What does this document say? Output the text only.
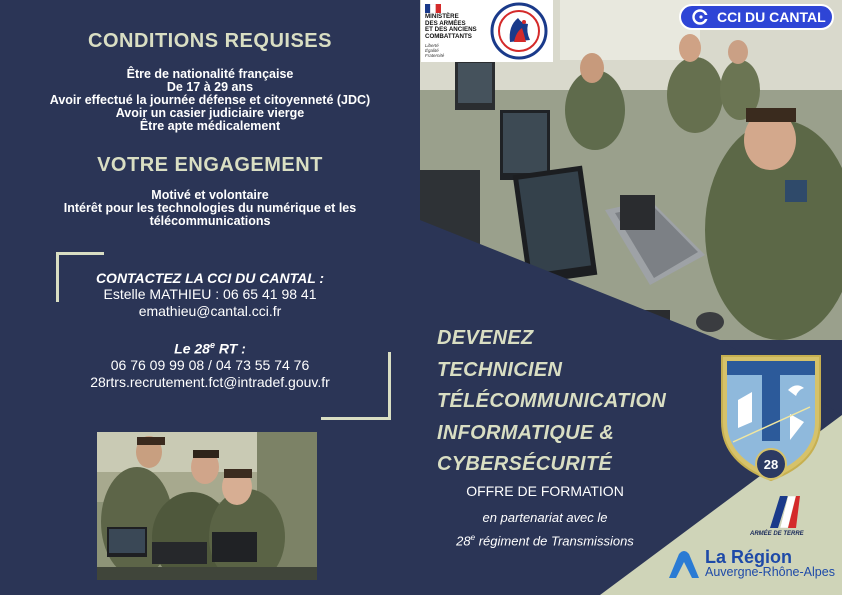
CONDITIONS REQUISES
Être de nationalité française
De 17 à 29 ans
Avoir effectué la journée défense et citoyenneté (JDC)
Avoir un casier judiciaire vierge
Être apte médicalement
VOTRE ENGAGEMENT
Motivé et volontaire
Intérêt pour les technologies du numérique et les
télécommunications
CONTACTEZ LA CCI DU CANTAL :
Estelle MATHIEU : 06 65 41 98 41
emathieu@cantal.cci.fr
Le 28e RT :
06 76 09 99 08 / 04 73 55 74 76
28rtrs.recrutement.fct@intradef.gouv.fr
DEVENEZ
TECHNICIEN
TÉLÉCOMMUNICATION
INFORMATIQUE &
CYBERSÉCURITÉ
OFFRE DE FORMATION
en partenariat avec le
28e régiment de Transmissions
28
ARMÉE DE TERRE
La Région
Auvergne-Rhône-Alpes
MINISTÈRE
DES ARMÉES
ET DES ANCIENS
COMBATTANTS
Liberté
Égalité
Fraternité
CCI DU CANTAL
